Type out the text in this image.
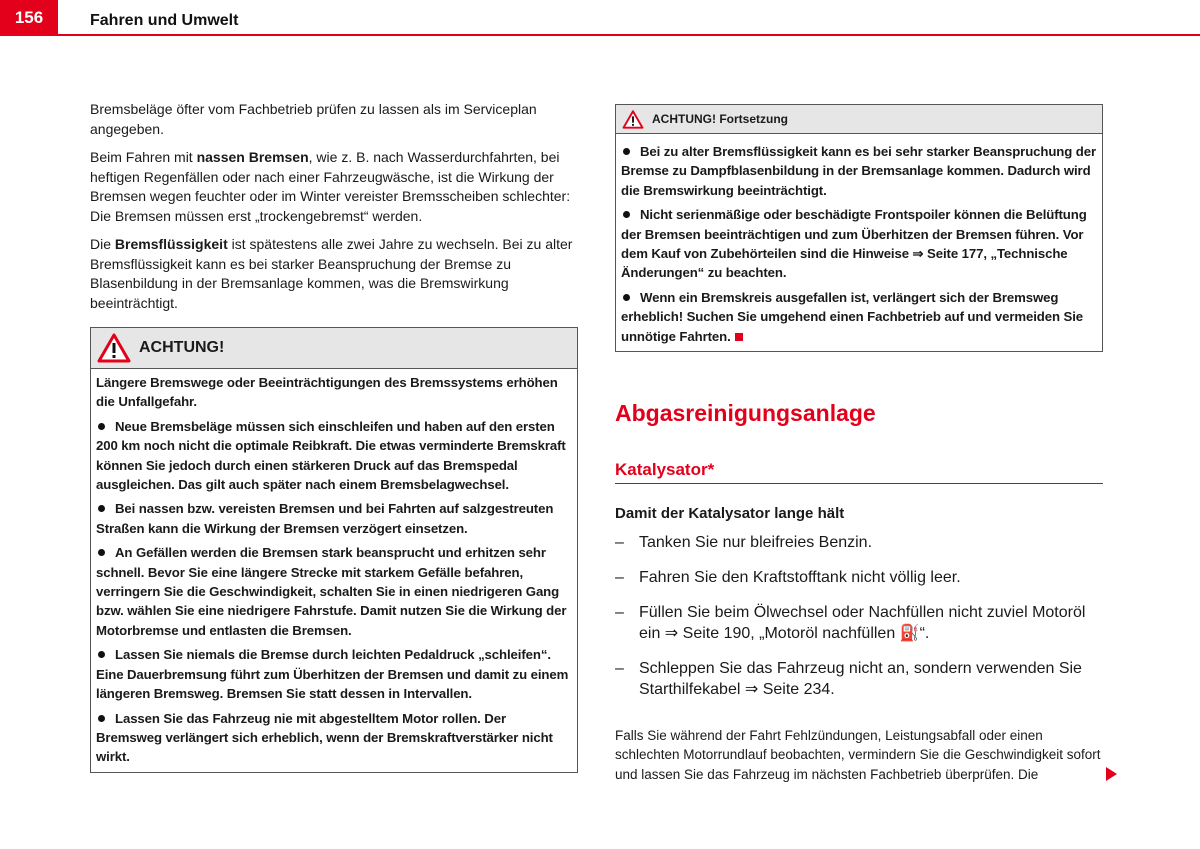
156	Fahren und Umwelt

Bremsbeläge öfter vom Fachbetrieb prüfen zu lassen als im Serviceplan angegeben.

Beim Fahren mit nassen Bremsen, wie z. B. nach Wasserdurchfahrten, bei heftigen Regenfällen oder nach einer Fahrzeugwäsche, ist die Wirkung der Bremsen wegen feuchter oder im Winter vereister Bremsscheiben schlechter: Die Bremsen müssen erst „trockengebremst“ werden.

Die Bremsflüssigkeit ist spätestens alle zwei Jahre zu wechseln. Bei zu alter Bremsflüssigkeit kann es bei starker Beanspruchung der Bremse zu Blasenbildung in der Bremsanlage kommen, was die Bremswirkung beeinträchtigt.

ACHTUNG!

Längere Bremswege oder Beeinträchtigungen des Bremssystems erhöhen die Unfallgefahr.

Neue Bremsbeläge müssen sich einschleifen und haben auf den ersten 200 km noch nicht die optimale Reibkraft. Die etwas verminderte Bremskraft können Sie jedoch durch einen stärkeren Druck auf das Bremspedal ausgleichen. Das gilt auch später nach einem Bremsbelagwechsel.

Bei nassen bzw. vereisten Bremsen und bei Fahrten auf salzgestreuten Straßen kann die Wirkung der Bremsen verzögert einsetzen.

An Gefällen werden die Bremsen stark beansprucht und erhitzen sehr schnell. Bevor Sie eine längere Strecke mit starkem Gefälle befahren, verringern Sie die Geschwindigkeit, schalten Sie in einen niedrigeren Gang bzw. wählen Sie eine niedrigere Fahrstufe. Damit nutzen Sie die Wirkung der Motorbremse und entlasten die Bremsen.

Lassen Sie niemals die Bremse durch leichten Pedaldruck „schleifen“. Eine Dauerbremsung führt zum Überhitzen der Bremsen und damit zu einem längeren Bremsweg. Bremsen Sie statt dessen in Intervallen.

Lassen Sie das Fahrzeug nie mit abgestelltem Motor rollen. Der Bremsweg verlängert sich erheblich, wenn der Bremskraftverstärker nicht wirkt.

ACHTUNG! Fortsetzung

Bei zu alter Bremsflüssigkeit kann es bei sehr starker Beanspruchung der Bremse zu Dampfblasenbildung in der Bremsanlage kommen. Dadurch wird die Bremswirkung beeinträchtigt.

Nicht serienmäßige oder beschädigte Frontspoiler können die Belüftung der Bremsen beeinträchtigen und zum Überhitzen der Bremsen führen. Vor dem Kauf von Zubehörteilen sind die Hinweise ⇒ Seite 177, „Technische Änderungen“ zu beachten.

Wenn ein Bremskreis ausgefallen ist, verlängert sich der Bremsweg erheblich! Suchen Sie umgehend einen Fachbetrieb auf und vermeiden Sie unnötige Fahrten.

Abgasreinigungsanlage
Katalysator*
Damit der Katalysator lange hält
– Tanken Sie nur bleifreies Benzin.
– Fahren Sie den Kraftstofftank nicht völlig leer.
– Füllen Sie beim Ölwechsel oder Nachfüllen nicht zuviel Motoröl ein ⇒ Seite 190, „Motoröl nachfüllen ⛽“.
– Schleppen Sie das Fahrzeug nicht an, sondern verwenden Sie Starthilfekabel ⇒ Seite 234.

Falls Sie während der Fahrt Fehlzündungen, Leistungsabfall oder einen schlechten Motorrundlauf beobachten, vermindern Sie die Geschwindigkeit sofort und lassen Sie das Fahrzeug im nächsten Fachbetrieb überprüfen. Die
